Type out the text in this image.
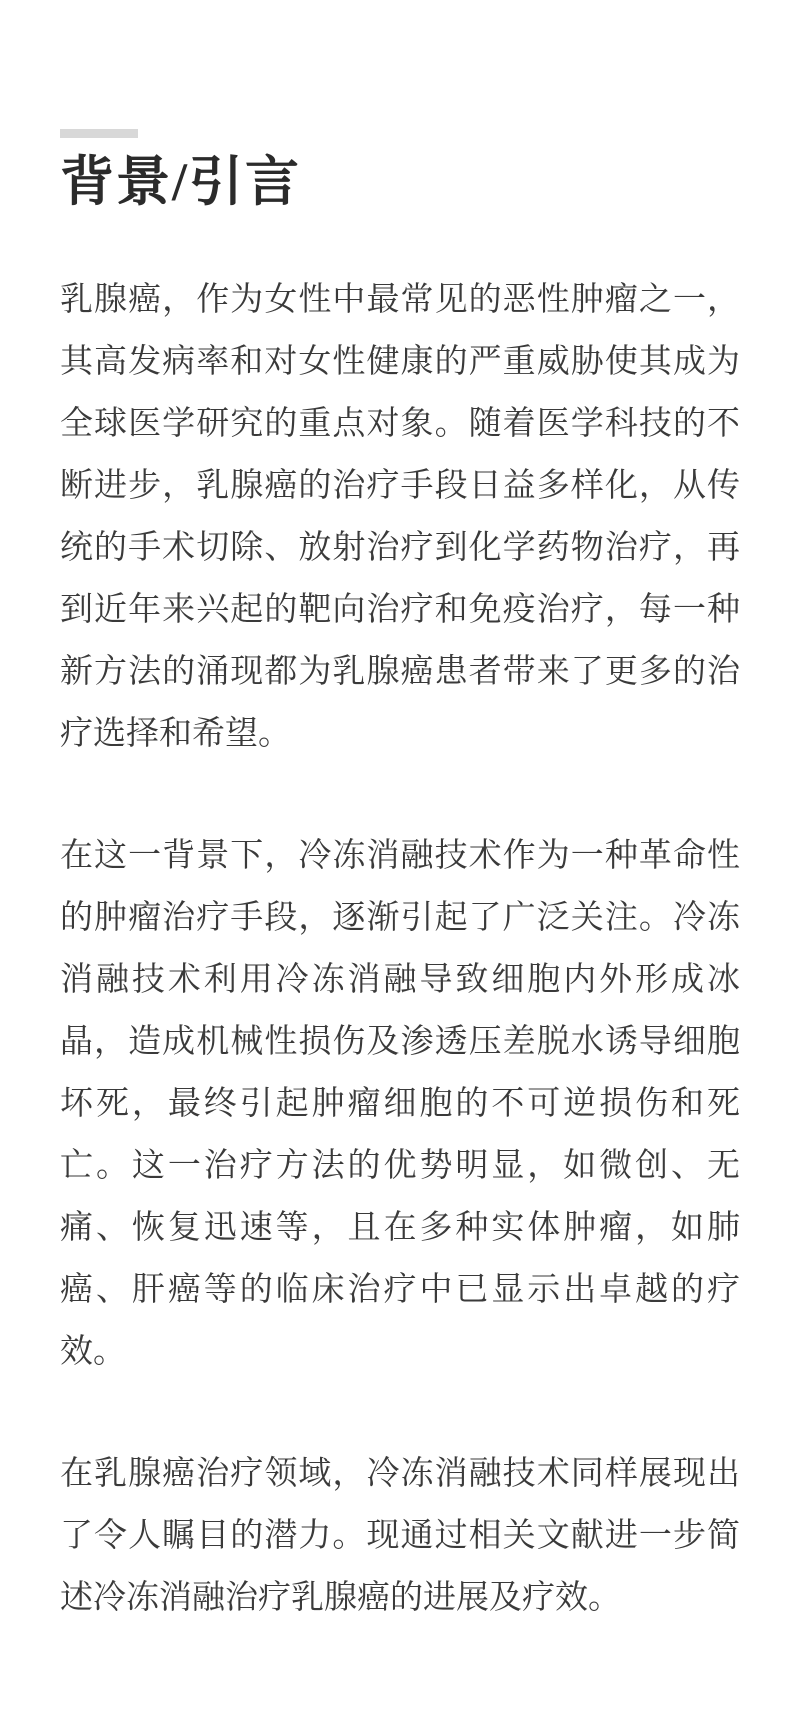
背景/引言
乳腺癌，作为女性中最常见的恶性肿瘤之一，
其高发病率和对女性健康的严重威胁使其成为
全球医学研究的重点对象。随着医学科技的不
断进步，乳腺癌的治疗手段日益多样化，从传
统的手术切除、放射治疗到化学药物治疗，再
到近年来兴起的靶向治疗和免疫治疗，每一种
新方法的涌现都为乳腺癌患者带来了更多的治
疗选择和希望。
在这一背景下，冷冻消融技术作为一种革命性
的肿瘤治疗手段，逐渐引起了广泛关注。冷冻
消融技术利用冷冻消融导致细胞内外形成冰
晶，造成机械性损伤及渗透压差脱水诱导细胞
坏死，最终引起肿瘤细胞的不可逆损伤和死
亡。这一治疗方法的优势明显，如微创、无
痛、恢复迅速等，且在多种实体肿瘤，如肺
癌、肝癌等的临床治疗中已显示出卓越的疗
效。
在乳腺癌治疗领域，冷冻消融技术同样展现出
了令人瞩目的潜力。现通过相关文献进一步简
述冷冻消融治疗乳腺癌的进展及疗效。
